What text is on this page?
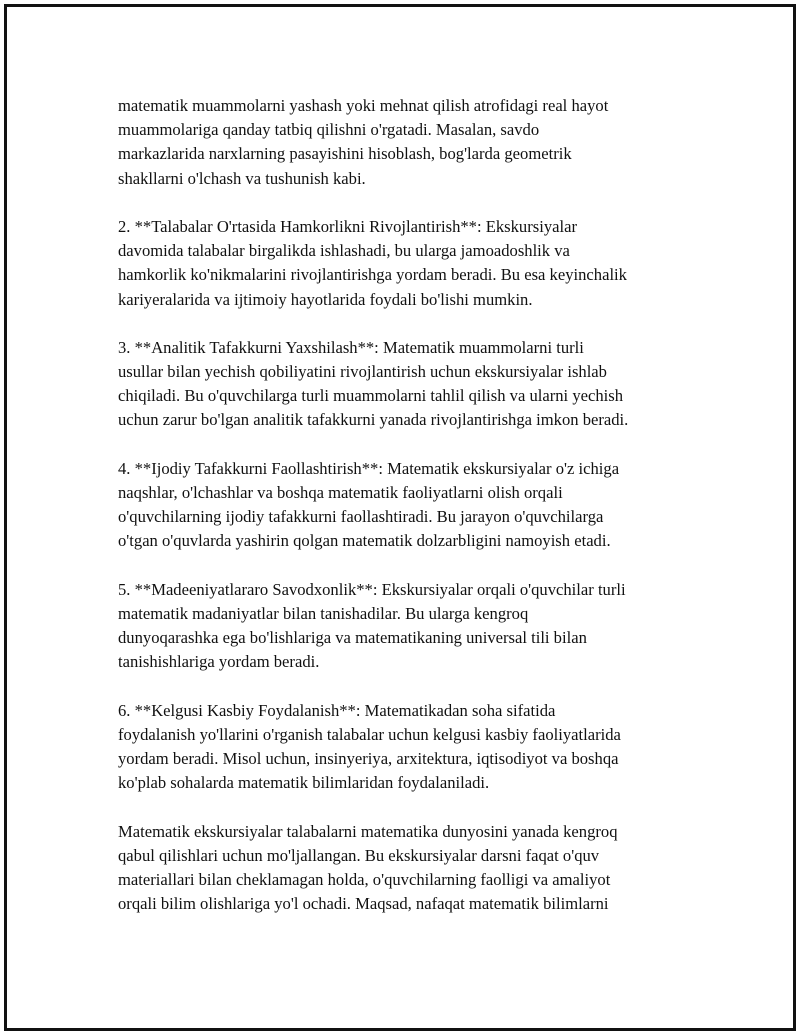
matematik muammolarni yashash yoki mehnat qilish atrofidagi real hayot
muammolariga qanday tatbiq qilishni o'rgatadi. Masalan, savdo
markazlarida narxlarning pasayishini hisoblash, bog'larda geometrik
shakllarni o'lchash va tushunish kabi.
2. **Talabalar O'rtasida Hamkorlikni Rivojlantirish**: Ekskursiyalar
davomida talabalar birgalikda ishlashadi, bu ularga jamoadoshlik va
hamkorlik ko'nikmalarini rivojlantirishga yordam beradi. Bu esa keyinchalik
kariyeralarida va ijtimoiy hayotlarida foydali bo'lishi mumkin.
3. **Analitik Tafakkurni Yaxshilash**: Matematik muammolarni turli
usullar bilan yechish qobiliyatini rivojlantirish uchun ekskursiyalar ishlab
chiqiladi. Bu o'quvchilarga turli muammolarni tahlil qilish va ularni yechish
uchun zarur bo'lgan analitik tafakkurni yanada rivojlantirishga imkon beradi.
4. **Ijodiy Tafakkurni Faollashtirish**: Matematik ekskursiyalar o'z ichiga
naqshlar, o'lchashlar va boshqa matematik faoliyatlarni olish orqali
o'quvchilarning ijodiy tafakkurni faollashtiradi. Bu jarayon o'quvchilarga
o'tgan o'quvlarda yashirin qolgan matematik dolzarbligini namoyish etadi.
5. **Madeeniyatlararo Savodxonlik**: Ekskursiyalar orqali o'quvchilar turli
matematik madaniyatlar bilan tanishadilar. Bu ularga kengroq
dunyoqarashka ega bo'lishlariga va matematikaning universal tili bilan
tanishishlariga yordam beradi.
6. **Kelgusi Kasbiy Foydalanish**: Matematikadan soha sifatida
foydalanish yo'llarini o'rganish talabalar uchun kelgusi kasbiy faoliyatlarida
yordam beradi. Misol uchun, insinyeriya, arxitektura, iqtisodiyot va boshqa
ko'plab sohalarda matematik bilimlaridan foydalaniladi.
Matematik ekskursiyalar talabalarni matematika dunyosini yanada kengroq
qabul qilishlari uchun mo'ljallangan. Bu ekskursiyalar darsni faqat o'quv
materiallari bilan cheklamagan holda, o'quvchilarning faolligi va amaliyot
orqali bilim olishlariga yo'l ochadi. Maqsad, nafaqat matematik bilimlarni
